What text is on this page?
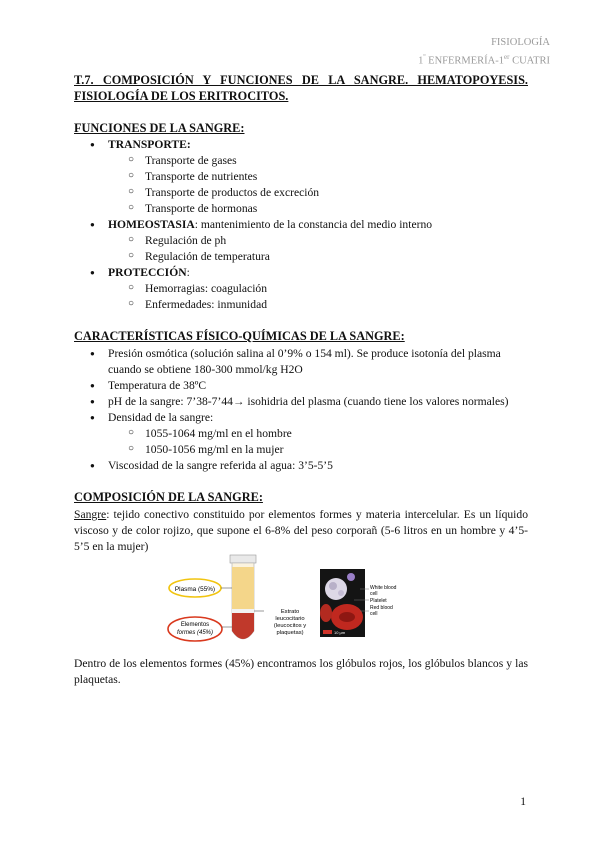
FISIOLOGÍA
$1^º$ ENFERMERÍA-1er CUATRI
T.7. COMPOSICIÓN Y FUNCIONES DE LA SANGRE. HEMATOPOYESIS. FISIOLOGÍA DE LOS ERITROCITOS.
FUNCIONES DE LA SANGRE:
● TRANSPORTE:
○ Transporte de gases
○ Transporte de nutrientes
○ Transporte de productos de excreción
○ Transporte de hormonas
● HOMEOSTASIA: mantenimiento de la constancia del medio interno
○ Regulación de ph
○ Regulación de temperatura
● PROTECCIÓN:
○ Hemorragias: coagulación
○ Enfermedades: inmunidad
CARACTERÍSTICAS FÍSICO-QUÍMICAS DE LA SANGRE:
● Presión osmótica (solución salina al 0’9% o 154 ml). Se produce isotonía del plasma
cuando se obtiene 180-300 mmol/kg H2O
● Temperatura de 38ºC
● pH de la sangre: 7’38-7’44→ isohidria del plasma (cuando tiene los valores normales)
● Densidad de la sangre:
○ 1055-1064 mg/ml en el hombre
○ 1050-1056 mg/ml en la mujer
● Viscosidad de la sangre referida al agua: 3’5-5’5
COMPOSICIÓN DE LA SANGRE:
Sangre: tejido conectivo constituido por elementos formes y materia intercelular. Es un líquido viscoso y de color rojizo, que supone el 6-8% del peso corporañ (5-6 litros en un hombre y 4’5-5’5 en la mujer)
Plasma (55%)
Elementos
formes (45%)
Estrato
leucocitario
(leucocitos y
plaquetas)	10 µm
White blood
cell
Platelet
Red blood
cell
Dentro de los elementos formes (45%) encontramos los glóbulos rojos, los glóbulos blancos y las plaquetas.
1
